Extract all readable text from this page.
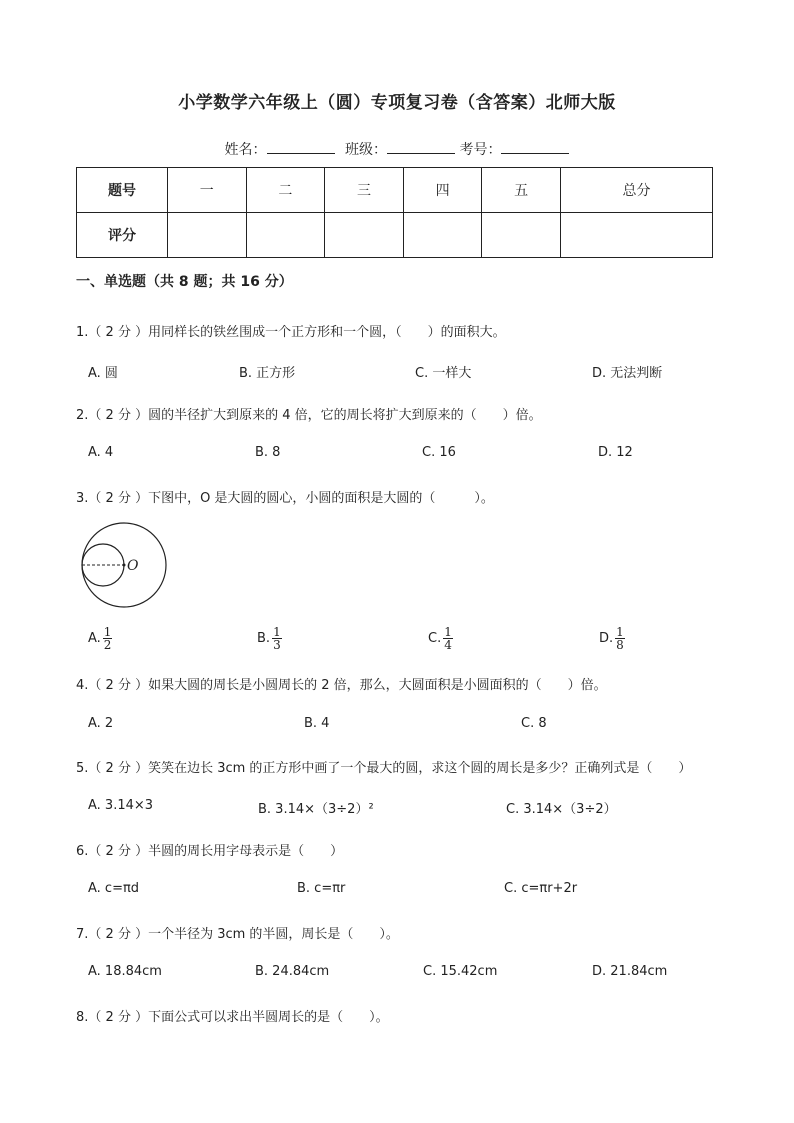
小学数学六年级上（圆）专项复习卷（含答案）北师大版
姓名：	班级：	考号：
题号	一	二	三	四	五	总分
评分						
一、单选题（共 8 题；共 16 分）
1.（ 2 分 ）用同样长的铁丝围成一个正方形和一个圆，（　　）的面积大。
A. 圆	B. 正方形	C. 一样大	D. 无法判断
2.（ 2 分 ）圆的半径扩大到原来的 4 倍，它的周长将扩大到原来的（　　）倍。
A. 4	B. 8	C. 16	D. 12
3.（ 2 分 ）下图中，O 是大圆的圆心，小圆的面积是大圆的（　　　）。
O
A. $\frac{1}{2}$	B. $\frac{1}{3}$	C. $\frac{1}{4}$	D. $\frac{1}{8}$
4.（ 2 分 ）如果大圆的周长是小圆周长的 2 倍，那么，大圆面积是小圆面积的（　　）倍。
A. 2	B. 4	C. 8
5.（ 2 分 ）笑笑在边长 3cm 的正方形中画了一个最大的圆，求这个圆的周长是多少？正确列式是（　　）
A. 3.14×3	B. 3.14×（3÷2）²	C. 3.14×（3÷2）
6.（ 2 分 ）半圆的周长用字母表示是（　　）
A. c=πd	B. c=πr	C. c=πr+2r
7.（ 2 分 ）一个半径为 3cm 的半圆，周长是（　　）。
A. 18.84cm	B. 24.84cm	C. 15.42cm	D. 21.84cm
8.（ 2 分 ）下面公式可以求出半圆周长的是（　　）。
